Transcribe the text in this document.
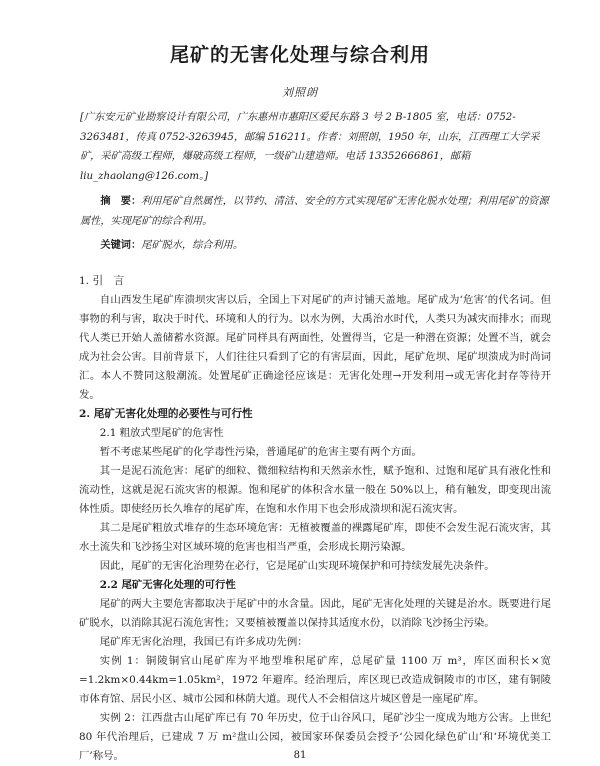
尾矿的无害化处理与综合利用

刘照朗

[广东安元矿业勘察设计有限公司，广东惠州市惠阳区爱民东路 3 号 2 B-1805 室，电话：0752-3263481，传真 0752-3263945，邮编 516211。作者：刘照朗，1950 年，山东，江西理工大学采矿，采矿高级工程师，爆破高级工程师，一级矿山建造师。电话 13352666861，邮箱 liu_zhaolang@126.com。]
摘　要：利用尾矿自然属性，以节约、清洁、安全的方式实现尾矿无害化脱水处理；利用尾矿的资源属性，实现尾矿的综合利用。
关键词：尾矿脱水，综合利用。

1. 引　言

自山西发生尾矿库溃坝灾害以后，全国上下对尾矿的声讨铺天盖地。尾矿成为‘危害’的代名词。但事物的利与害，取决于时代、环境和人的行为。以水为例，大禹治水时代，人类只为减灾而排水；而现代人类已开始人盖储蓄水资源。尾矿同样具有两面性，处置得当，它是一种潜在资源；处置不当，就会成为社会公害。目前背景下，人们往往只看到了它的有害层面，因此，尾矿危坝、尾矿坝溃成为时尚词汇。本人不赞同这般潮流。处置尾矿正确途径应该是：无害化处理→开发利用→或无害化封存等待开发。

2. 尾矿无害化处理的必要性与可行性

2.1 粗放式型尾矿的危害性

暂不考虑某些尾矿的化学毒性污染，普通尾矿的危害主要有两个方面。

其一是泥石流危害：尾矿的细粒、微细粒结构和天然亲水性，赋予饱和、过饱和尾矿具有液化性和流动性，这就是泥石流灾害的根源。饱和尾矿的体积含水量一般在 50%以上，稍有触发，即变现出流体性质。即使经历长久堆存的尾矿库，在饱和水作用下也会形成溃坝和泥石流灾害。

其二是尾矿粗放式堆存的生态环境危害：无植被覆盖的裸露尾矿库，即使不会发生泥石流灾害，其水土流失和飞沙扬尘对区域环境的危害也相当严重，会形成长期污染源。

因此，尾矿的无害化治理势在必行，它是尾矿山实现环境保护和可持续发展先决条件。

2.2 尾矿无害化处理的可行性

尾矿的两大主要危害都取决于尾矿中的水含量。因此，尾矿无害化处理的关键是治水。既要进行尾矿脱水，以消除其泥石流危害性；又要植被覆盖以保持其适度水份，以消除飞沙扬尘污染。

尾矿库无害化治理，我国已有许多成功先例：

实例 1：铜陵铜官山尾矿库为平地型堆积尾矿库，总尾矿量 1100 万 m³，库区面积长×宽=1.2km×0.44km=1.05km²，1972 年避库。经治理后，库区现已改造成铜陵市的市区，建有铜陵市体育馆、居民小区、城市公园和林荫大道。现代人不会相信这片城区曾是一座尾矿库。

实例 2：江西盘古山尾矿库已有 70 年历史，位于山谷风口，尾矿沙尘一度成为地方公害。上世纪 80 年代治理后，已建成 7 万 m²盘山公园，被国家环保委员会授予‘公园化绿色矿山’和‘环境优美工厂’称号。	81
